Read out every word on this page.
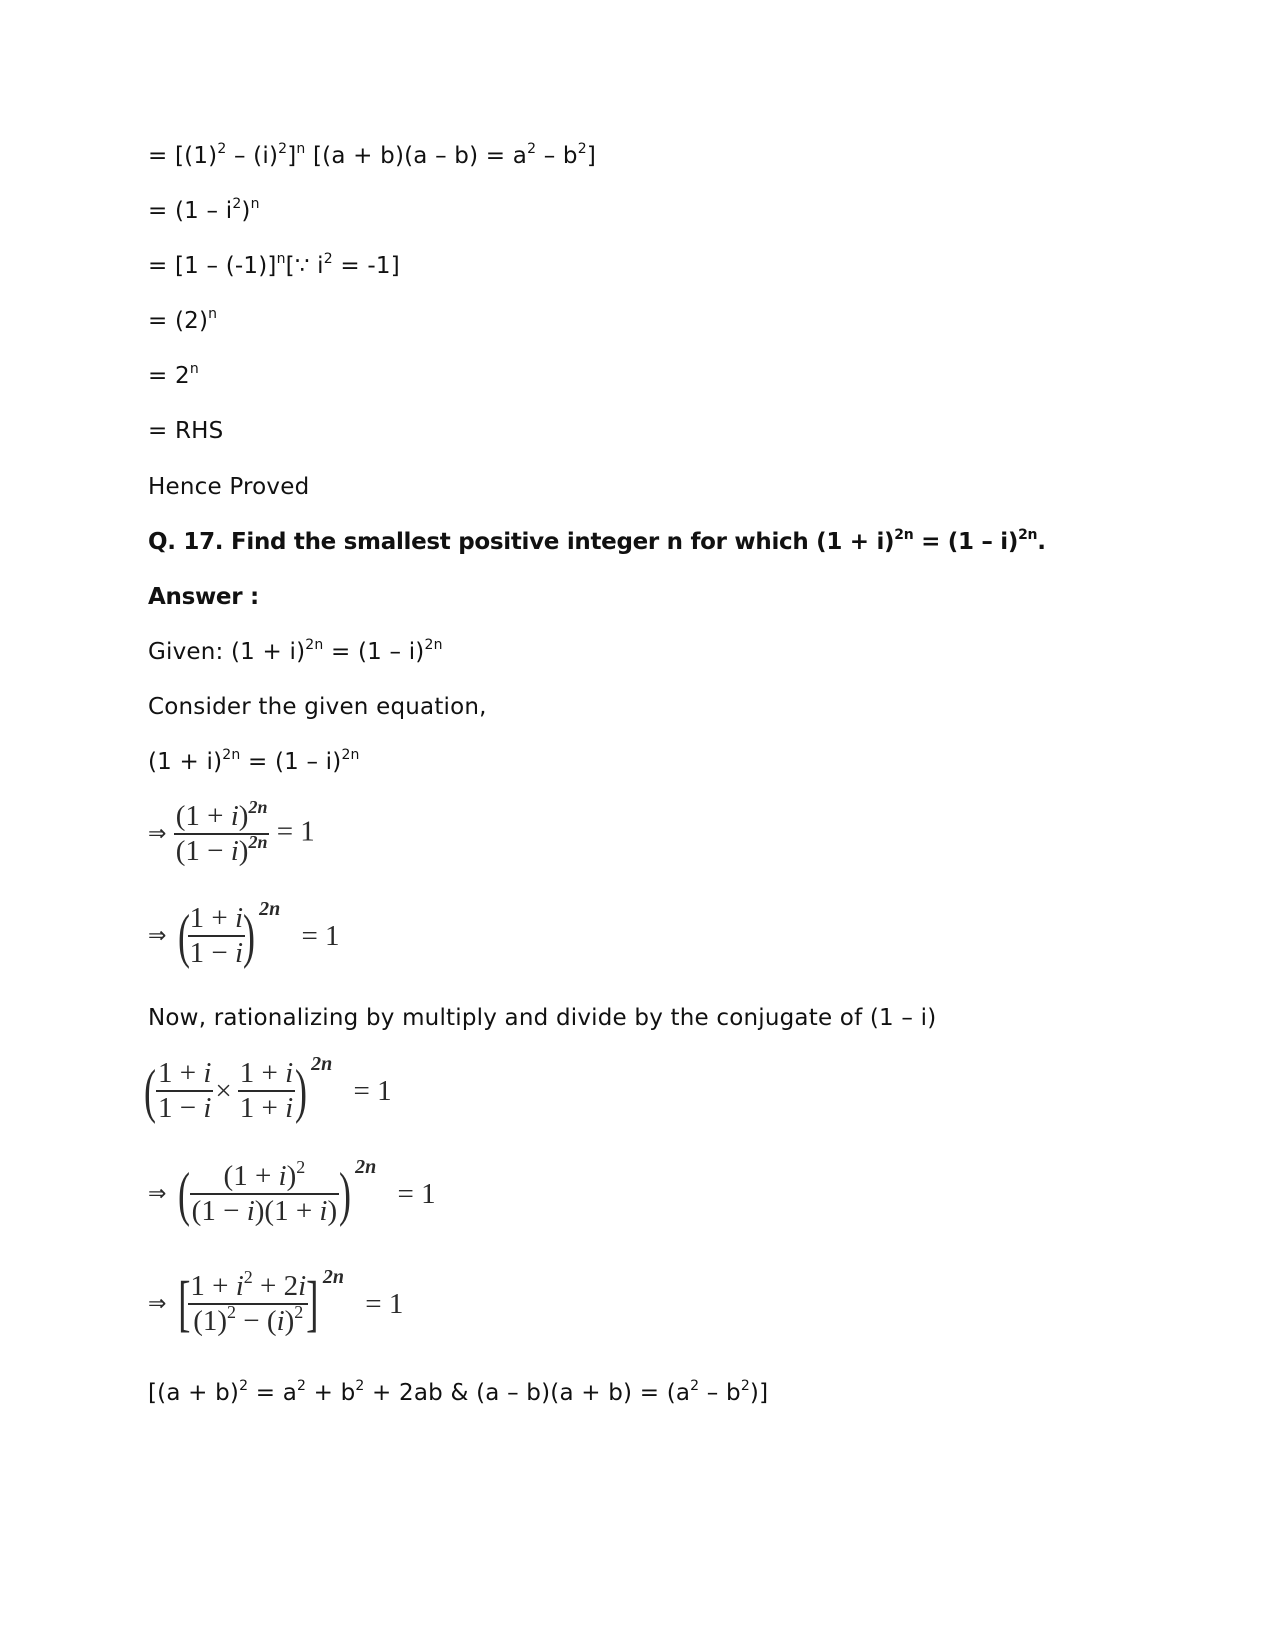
= $[(1)^2 - (i)^2]^n$ $[(a + b)(a - b) = a^2 - b^2]$
= $(1 - i^2)^n$
= [1 – (-1)]$^n$[∵ $i^2 = -1$]
= $(2)^n$
= $2^n$
= RHS
Hence Proved
Q. 17. Find the smallest positive integer n for which $(1 + i)^{2n} = (1 - i)^{2n}$.
Answer :
Given: $(1 + i)^{2n} = (1 - i)^{2n}$
Consider the given equation,
$(1 + i)^{2n} = (1 - i)^{2n}$
⇒ $\frac{(1 + i)^{2n}}{(1 - i)^{2n}} = 1$
⇒ (
$\frac{1 + i}{1 - i}$
) 2n = 1
Now, rationalizing by multiply and divide by the conjugate of (1 – i)
( $\frac{1 + i}{1 - i} \times \frac{1 + i}{1 + i}$ ) 2n = 1
⇒ ( $\frac{(1 + i)^2}{(1 - i)(1 + i)}$ ) 2n = 1
⇒ [
$\frac{1 + i^2 + 2i}{(1)^2 - (i)^2}$
] 2n = 1
[$(a + b)^2 = a^2 + b^2 + 2ab$ & $(a - b)(a + b) = (a^2 - b^2)$]
